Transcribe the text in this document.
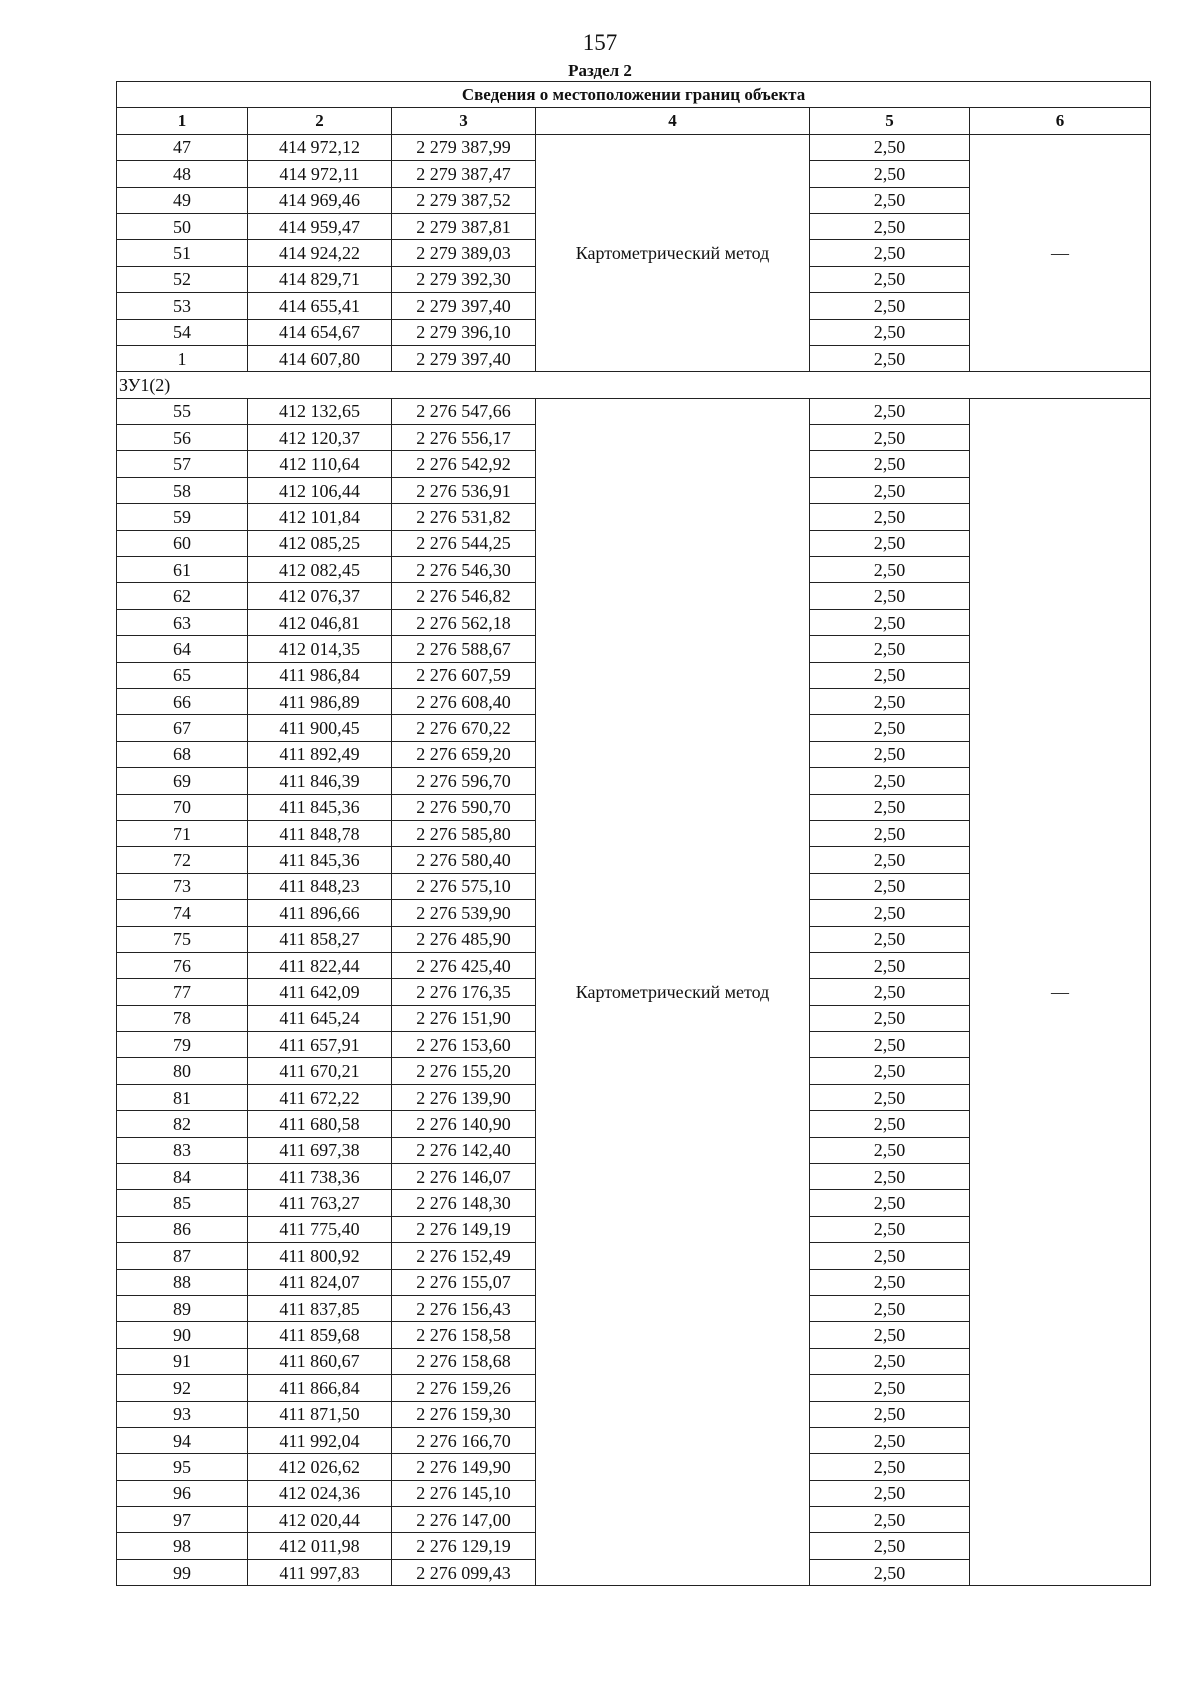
157
Раздел 2
Сведения о местоположении границ объекта					
1	2	3	4	5	6
47	414 972,12	2 279 387,99	Картометрический метод	2,50	—
48	414 972,11	2 279 387,47		2,50	
49	414 969,46	2 279 387,52		2,50	
50	414 959,47	2 279 387,81		2,50	
51	414 924,22	2 279 389,03		2,50	
52	414 829,71	2 279 392,30		2,50	
53	414 655,41	2 279 397,40		2,50	
54	414 654,67	2 279 396,10		2,50	
1	414 607,80	2 279 397,40		2,50	
ЗУ1(2)					
55	412 132,65	2 276 547,66	Картометрический метод	2,50	—
56	412 120,37	2 276 556,17		2,50	
57	412 110,64	2 276 542,92		2,50	
58	412 106,44	2 276 536,91		2,50	
59	412 101,84	2 276 531,82		2,50	
60	412 085,25	2 276 544,25		2,50	
61	412 082,45	2 276 546,30		2,50	
62	412 076,37	2 276 546,82		2,50	
63	412 046,81	2 276 562,18		2,50	
64	412 014,35	2 276 588,67		2,50	
65	411 986,84	2 276 607,59		2,50	
66	411 986,89	2 276 608,40		2,50	
67	411 900,45	2 276 670,22		2,50	
68	411 892,49	2 276 659,20		2,50	
69	411 846,39	2 276 596,70		2,50	
70	411 845,36	2 276 590,70		2,50	
71	411 848,78	2 276 585,80		2,50	
72	411 845,36	2 276 580,40		2,50	
73	411 848,23	2 276 575,10		2,50	
74	411 896,66	2 276 539,90		2,50	
75	411 858,27	2 276 485,90		2,50	
76	411 822,44	2 276 425,40		2,50	
77	411 642,09	2 276 176,35		2,50	
78	411 645,24	2 276 151,90		2,50	
79	411 657,91	2 276 153,60		2,50	
80	411 670,21	2 276 155,20		2,50	
81	411 672,22	2 276 139,90		2,50	
82	411 680,58	2 276 140,90		2,50	
83	411 697,38	2 276 142,40		2,50	
84	411 738,36	2 276 146,07		2,50	
85	411 763,27	2 276 148,30		2,50	
86	411 775,40	2 276 149,19		2,50	
87	411 800,92	2 276 152,49		2,50	
88	411 824,07	2 276 155,07		2,50	
89	411 837,85	2 276 156,43		2,50	
90	411 859,68	2 276 158,58		2,50	
91	411 860,67	2 276 158,68		2,50	
92	411 866,84	2 276 159,26		2,50	
93	411 871,50	2 276 159,30		2,50	
94	411 992,04	2 276 166,70		2,50	
95	412 026,62	2 276 149,90		2,50	
96	412 024,36	2 276 145,10		2,50	
97	412 020,44	2 276 147,00		2,50	
98	412 011,98	2 276 129,19		2,50	
99	411 997,83	2 276 099,43		2,50	
